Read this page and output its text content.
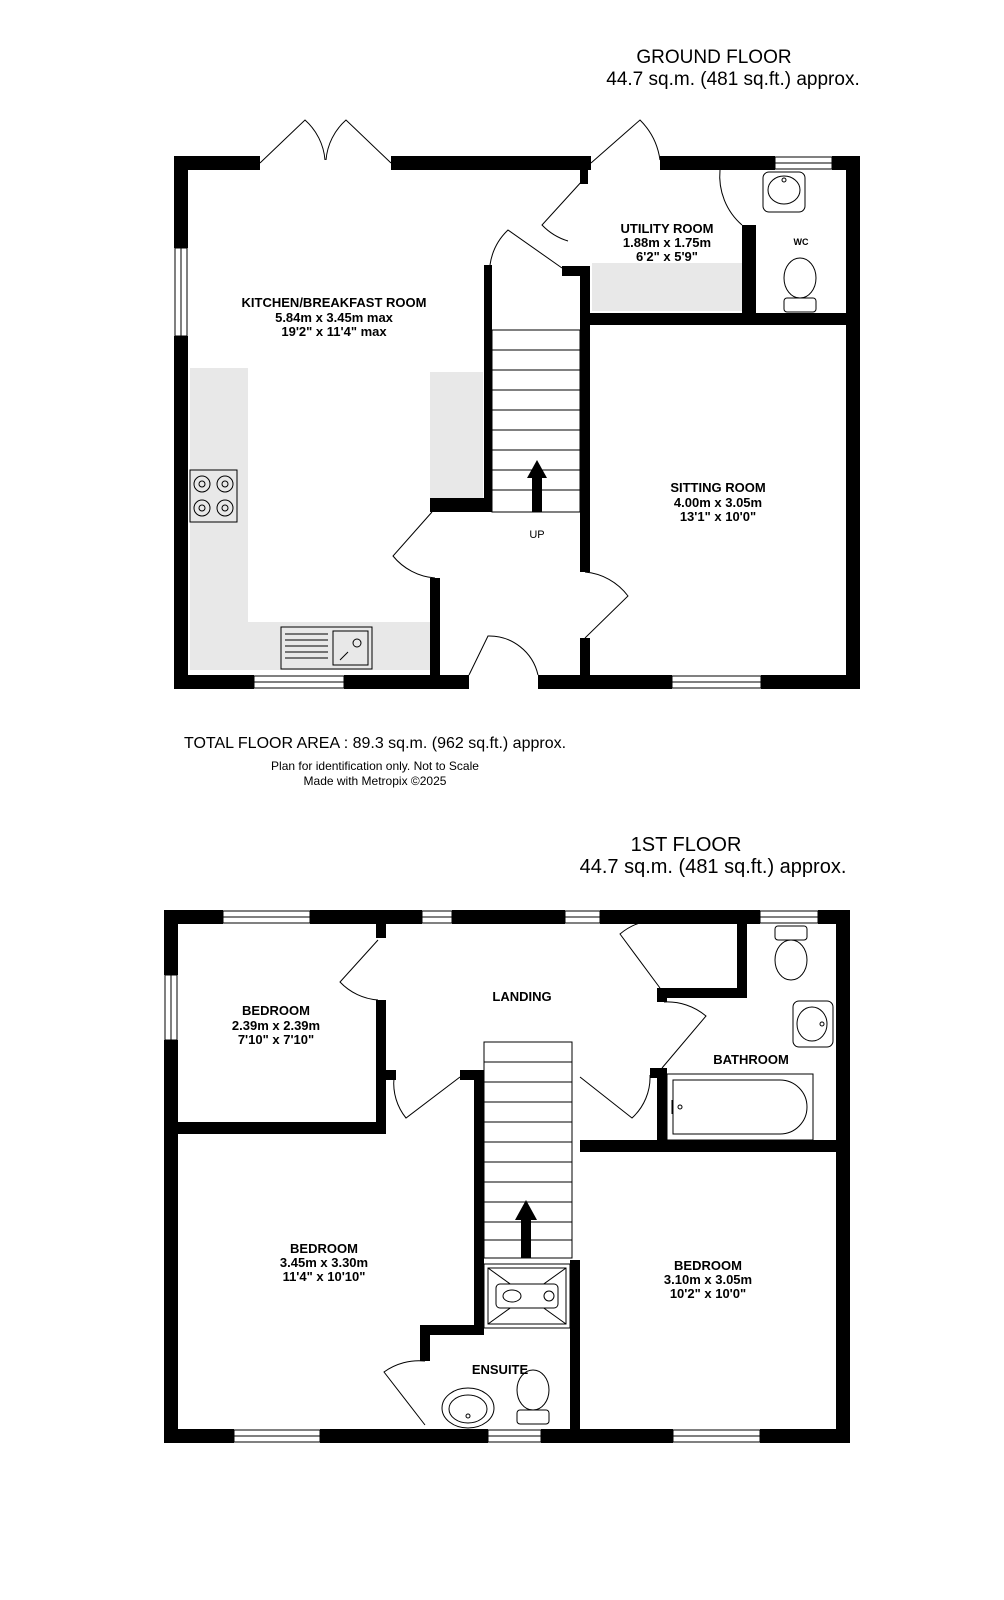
GROUND FLOOR
44.7 sq.m. (481 sq.ft.) approx.
UP
KITCHEN/BREAKFAST ROOM
5.84m x 3.45m max
19'2" x 11'4" max
UTILITY ROOM
1.88m x 1.75m
6'2" x 5'9"
WC
SITTING ROOM
4.00m x 3.05m
13'1" x 10'0"
TOTAL FLOOR AREA : 89.3 sq.m. (962 sq.ft.) approx.
Plan for identification only. Not to Scale
Made with Metropix ©2025
1ST FLOOR
44.7 sq.m. (481 sq.ft.) approx.
LANDING
BEDROOM
2.39m x 2.39m
7'10" x 7'10"
BATHROOM
BEDROOM
3.45m x 3.30m
11'4" x 10'10"
BEDROOM
3.10m x 3.05m
10'2" x 10'0"
ENSUITE
